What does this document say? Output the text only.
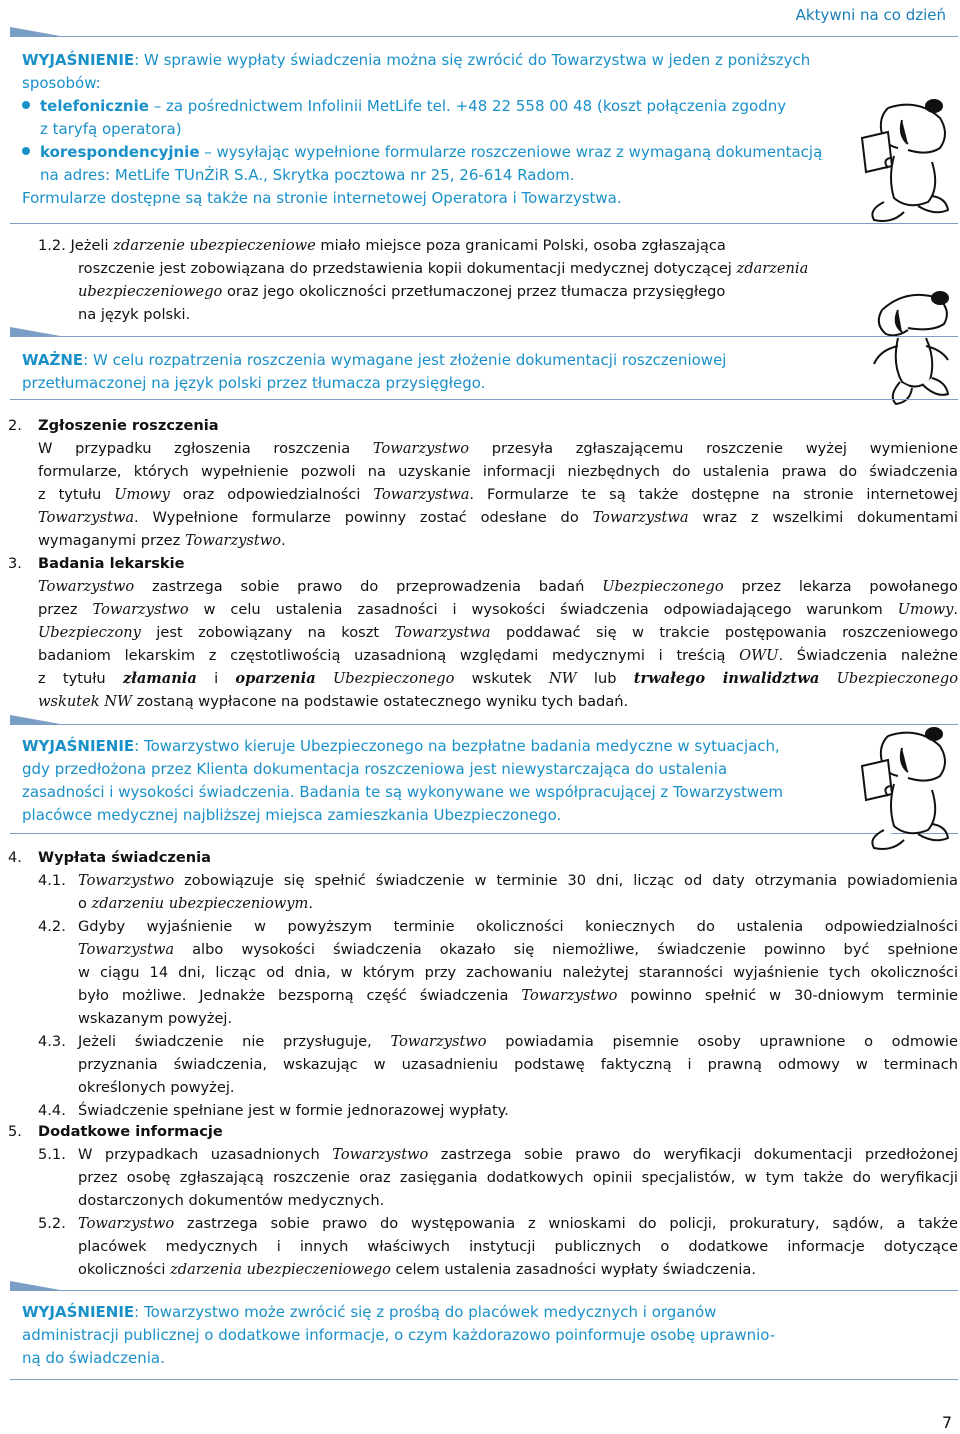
Aktywni na co dzień
WYJAŚNIENIE: W sprawie wypłaty świadczenia można się zwrócić do Towarzystwa w jeden z poniższych
sposobów:
telefonicznie – za pośrednictwem Infolinii MetLife tel. +48 22 558 00 48 (koszt połączenia zgodny
z taryfą operatora)
korespondencyjnie – wysyłając wypełnione formularze roszczeniowe wraz z wymaganą dokumentacją
na adres: MetLife TUnŻiR S.A., Skrytka pocztowa nr 25, 26-614 Radom.
Formularze dostępne są także na stronie internetowej Operatora i Towarzystwa.
1.2. Jeżeli zdarzenie ubezpieczeniowe miało miejsce poza granicami Polski, osoba zgłaszająca
roszczenie jest zobowiązana do przedstawienia kopii dokumentacji medycznej dotyczącej zdarzenia
ubezpieczeniowego oraz jego okoliczności przetłumaczonej przez tłumacza przysięgłego
na język polski.
WAŻNE: W celu rozpatrzenia roszczenia wymagane jest złożenie dokumentacji roszczeniowej
przetłumaczonej na język polski przez tłumacza przysięgłego.
2. Zgłoszenie roszczenia
W przypadku zgłoszenia roszczenia Towarzystwo przesyła zgłaszającemu roszczenie wyżej wymienione
formularze, których wypełnienie pozwoli na uzyskanie informacji niezbędnych do ustalenia prawa do świadczenia
z tytułu Umowy oraz odpowiedzialności Towarzystwa. Formularze te są także dostępne na stronie internetowej
Towarzystwa. Wypełnione formularze powinny zostać odesłane do Towarzystwa wraz z wszelkimi dokumentami
wymaganymi przez Towarzystwo.
3. Badania lekarskie
Towarzystwo zastrzega sobie prawo do przeprowadzenia badań Ubezpieczonego przez lekarza powołanego
przez Towarzystwo w celu ustalenia zasadności i wysokości świadczenia odpowiadającego warunkom Umowy.
Ubezpieczony jest zobowiązany na koszt Towarzystwa poddawać się w trakcie postępowania roszczeniowego
badaniom lekarskim z częstotliwością uzasadnioną względami medycznymi i treścią OWU. Świadczenia należne
z tytułu złamania i oparzenia Ubezpieczonego wskutek NW lub trwałego inwalidztwa Ubezpieczonego
wskutek NW zostaną wypłacone na podstawie ostatecznego wyniku tych badań.
WYJAŚNIENIE: Towarzystwo kieruje Ubezpieczonego na bezpłatne badania medyczne w sytuacjach,
gdy przedłożona przez Klienta dokumentacja roszczeniowa jest niewystarczająca do ustalenia
zasadności i wysokości świadczenia. Badania te są wykonywane we współpracującej z Towarzystwem
placówce medycznej najbliższej miejsca zamieszkania Ubezpieczonego.
4. Wypłata świadczenia
4.1. Towarzystwo zobowiązuje się spełnić świadczenie w terminie 30 dni, licząc od daty otrzymania powiadomienia
o zdarzeniu ubezpieczeniowym.
4.2. Gdyby wyjaśnienie w powyższym terminie okoliczności koniecznych do ustalenia odpowiedzialności
Towarzystwa albo wysokości świadczenia okazało się niemożliwe, świadczenie powinno być spełnione
w ciągu 14 dni, licząc od dnia, w którym przy zachowaniu należytej staranności wyjaśnienie tych okoliczności
było możliwe. Jednakże bezsporną część świadczenia Towarzystwo powinno spełnić w 30-dniowym terminie
wskazanym powyżej.
4.3. Jeżeli świadczenie nie przysługuje, Towarzystwo powiadamia pisemnie osoby uprawnione o odmowie
przyznania świadczenia, wskazując w uzasadnieniu podstawę faktyczną i prawną odmowy w terminach
określonych powyżej.
4.4. Świadczenie spełniane jest w formie jednorazowej wypłaty.
5. Dodatkowe informacje
5.1. W przypadkach uzasadnionych Towarzystwo zastrzega sobie prawo do weryfikacji dokumentacji przedłożonej
przez osobę zgłaszającą roszczenie oraz zasięgania dodatkowych opinii specjalistów, w tym także do weryfikacji
dostarczonych dokumentów medycznych.
5.2. Towarzystwo zastrzega sobie prawo do występowania z wnioskami do policji, prokuratury, sądów, a także
placówek medycznych i innych właściwych instytucji publicznych o dodatkowe informacje dotyczące
okoliczności zdarzenia ubezpieczeniowego celem ustalenia zasadności wypłaty świadczenia.
WYJAŚNIENIE: Towarzystwo może zwrócić się z prośbą do placówek medycznych i organów
administracji publicznej o dodatkowe informacje, o czym każdorazowo poinformuje osobę uprawnio-
ną do świadczenia.
7
